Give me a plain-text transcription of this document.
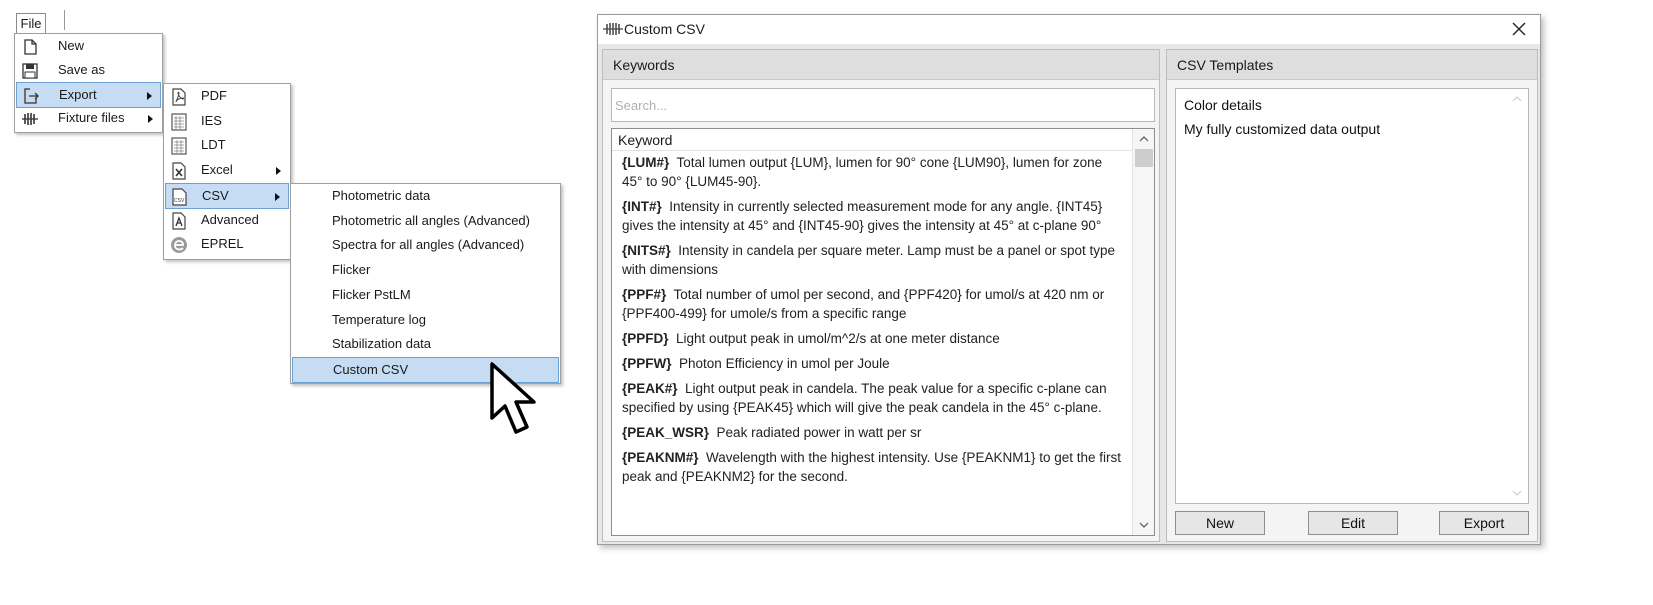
File
New
Save as
Export
Fixture files
PDF
IES
LDT
Excel
CSV CSV
Advanced
EPREL
Photometric data
Photometric all angles (Advanced)
Spectra for all angles (Advanced)
Flicker
Flicker PstLM
Temperature log
Stabilization data
Custom CSV
Custom CSV
Keywords
Search...
Keyword
{LUM#} Total lumen output {LUM}, lumen for 90° cone {LUM90}, lumen for zone 45° to 90° {LUM45-90}.
{INT#} Intensity in currently selected measurement mode for any angle. {INT45} gives the intensity at 45° and {INT45-90} gives the intensity at 45° at c-plane 90°
{NITS#} Intensity in candela per square meter. Lamp must be a panel or spot type with dimensions
{PPF#} Total number of umol per second, and {PPF420} for umol/s at 420 nm or {PPF400-499} for umole/s from a specific range
{PPFD} Light output peak in umol/m^2/s at one meter distance
{PPFW} Photon Efficiency in umol per Joule
{PEAK#} Light output peak in candela. The peak value for a specific c-plane can specified by using {PEAK45} which will give the peak candela in the 45° c-plane.
{PEAK_WSR} Peak radiated power in watt per sr
{PEAKNM#} Wavelength with the highest intensity. Use {PEAKNM1} to get the first peak and {PEAKNM2} for the second.
CSV Templates
Color details
My fully customized data output
New	Edit	Export
